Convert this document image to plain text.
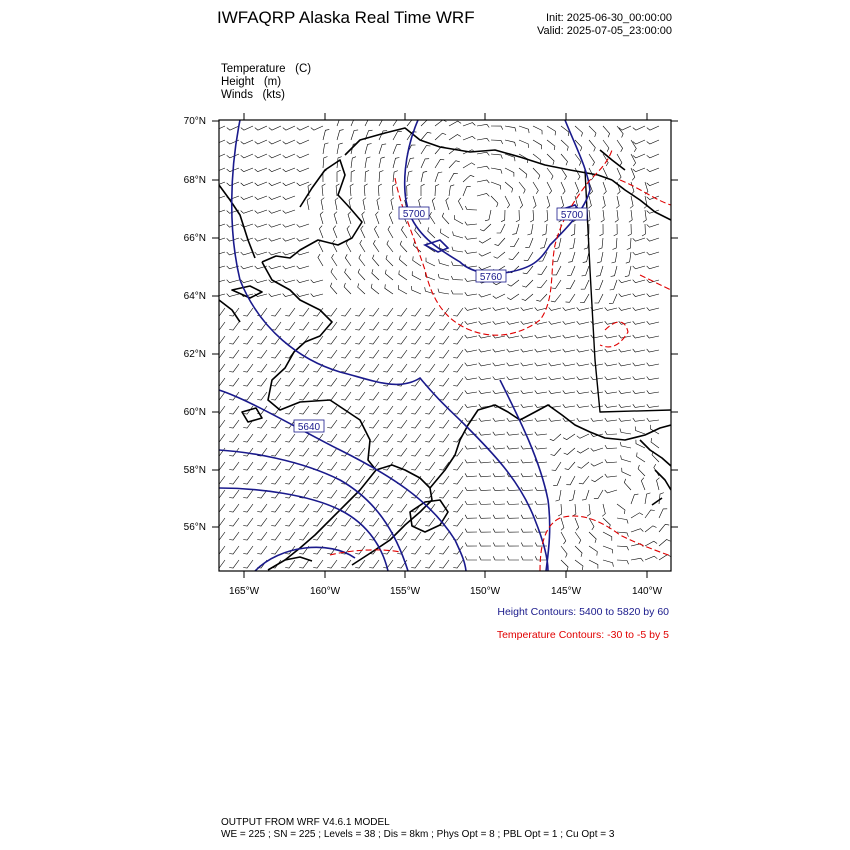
IWFAQRP Alaska Real Time WRF	Init: 2025-06-30_00:00:00
Valid: 2025-07-05_23:00:00
Temperature (C)
Height (m)
Winds (kts)
5700	5700
5760
5640
70°N
68°N
66°N
64°N
62°N
60°N
58°N
56°N
165°W	160°W	155°W	150°W	145°W	140°W
Height Contours: 5400 to 5820 by 60
Temperature Contours: -30 to -5 by 5
OUTPUT FROM WRF V4.6.1 MODEL
WE = 225 ; SN = 225 ; Levels = 38 ; Dis = 8km ; Phys Opt = 8 ; PBL Opt = 1 ; Cu Opt = 3
